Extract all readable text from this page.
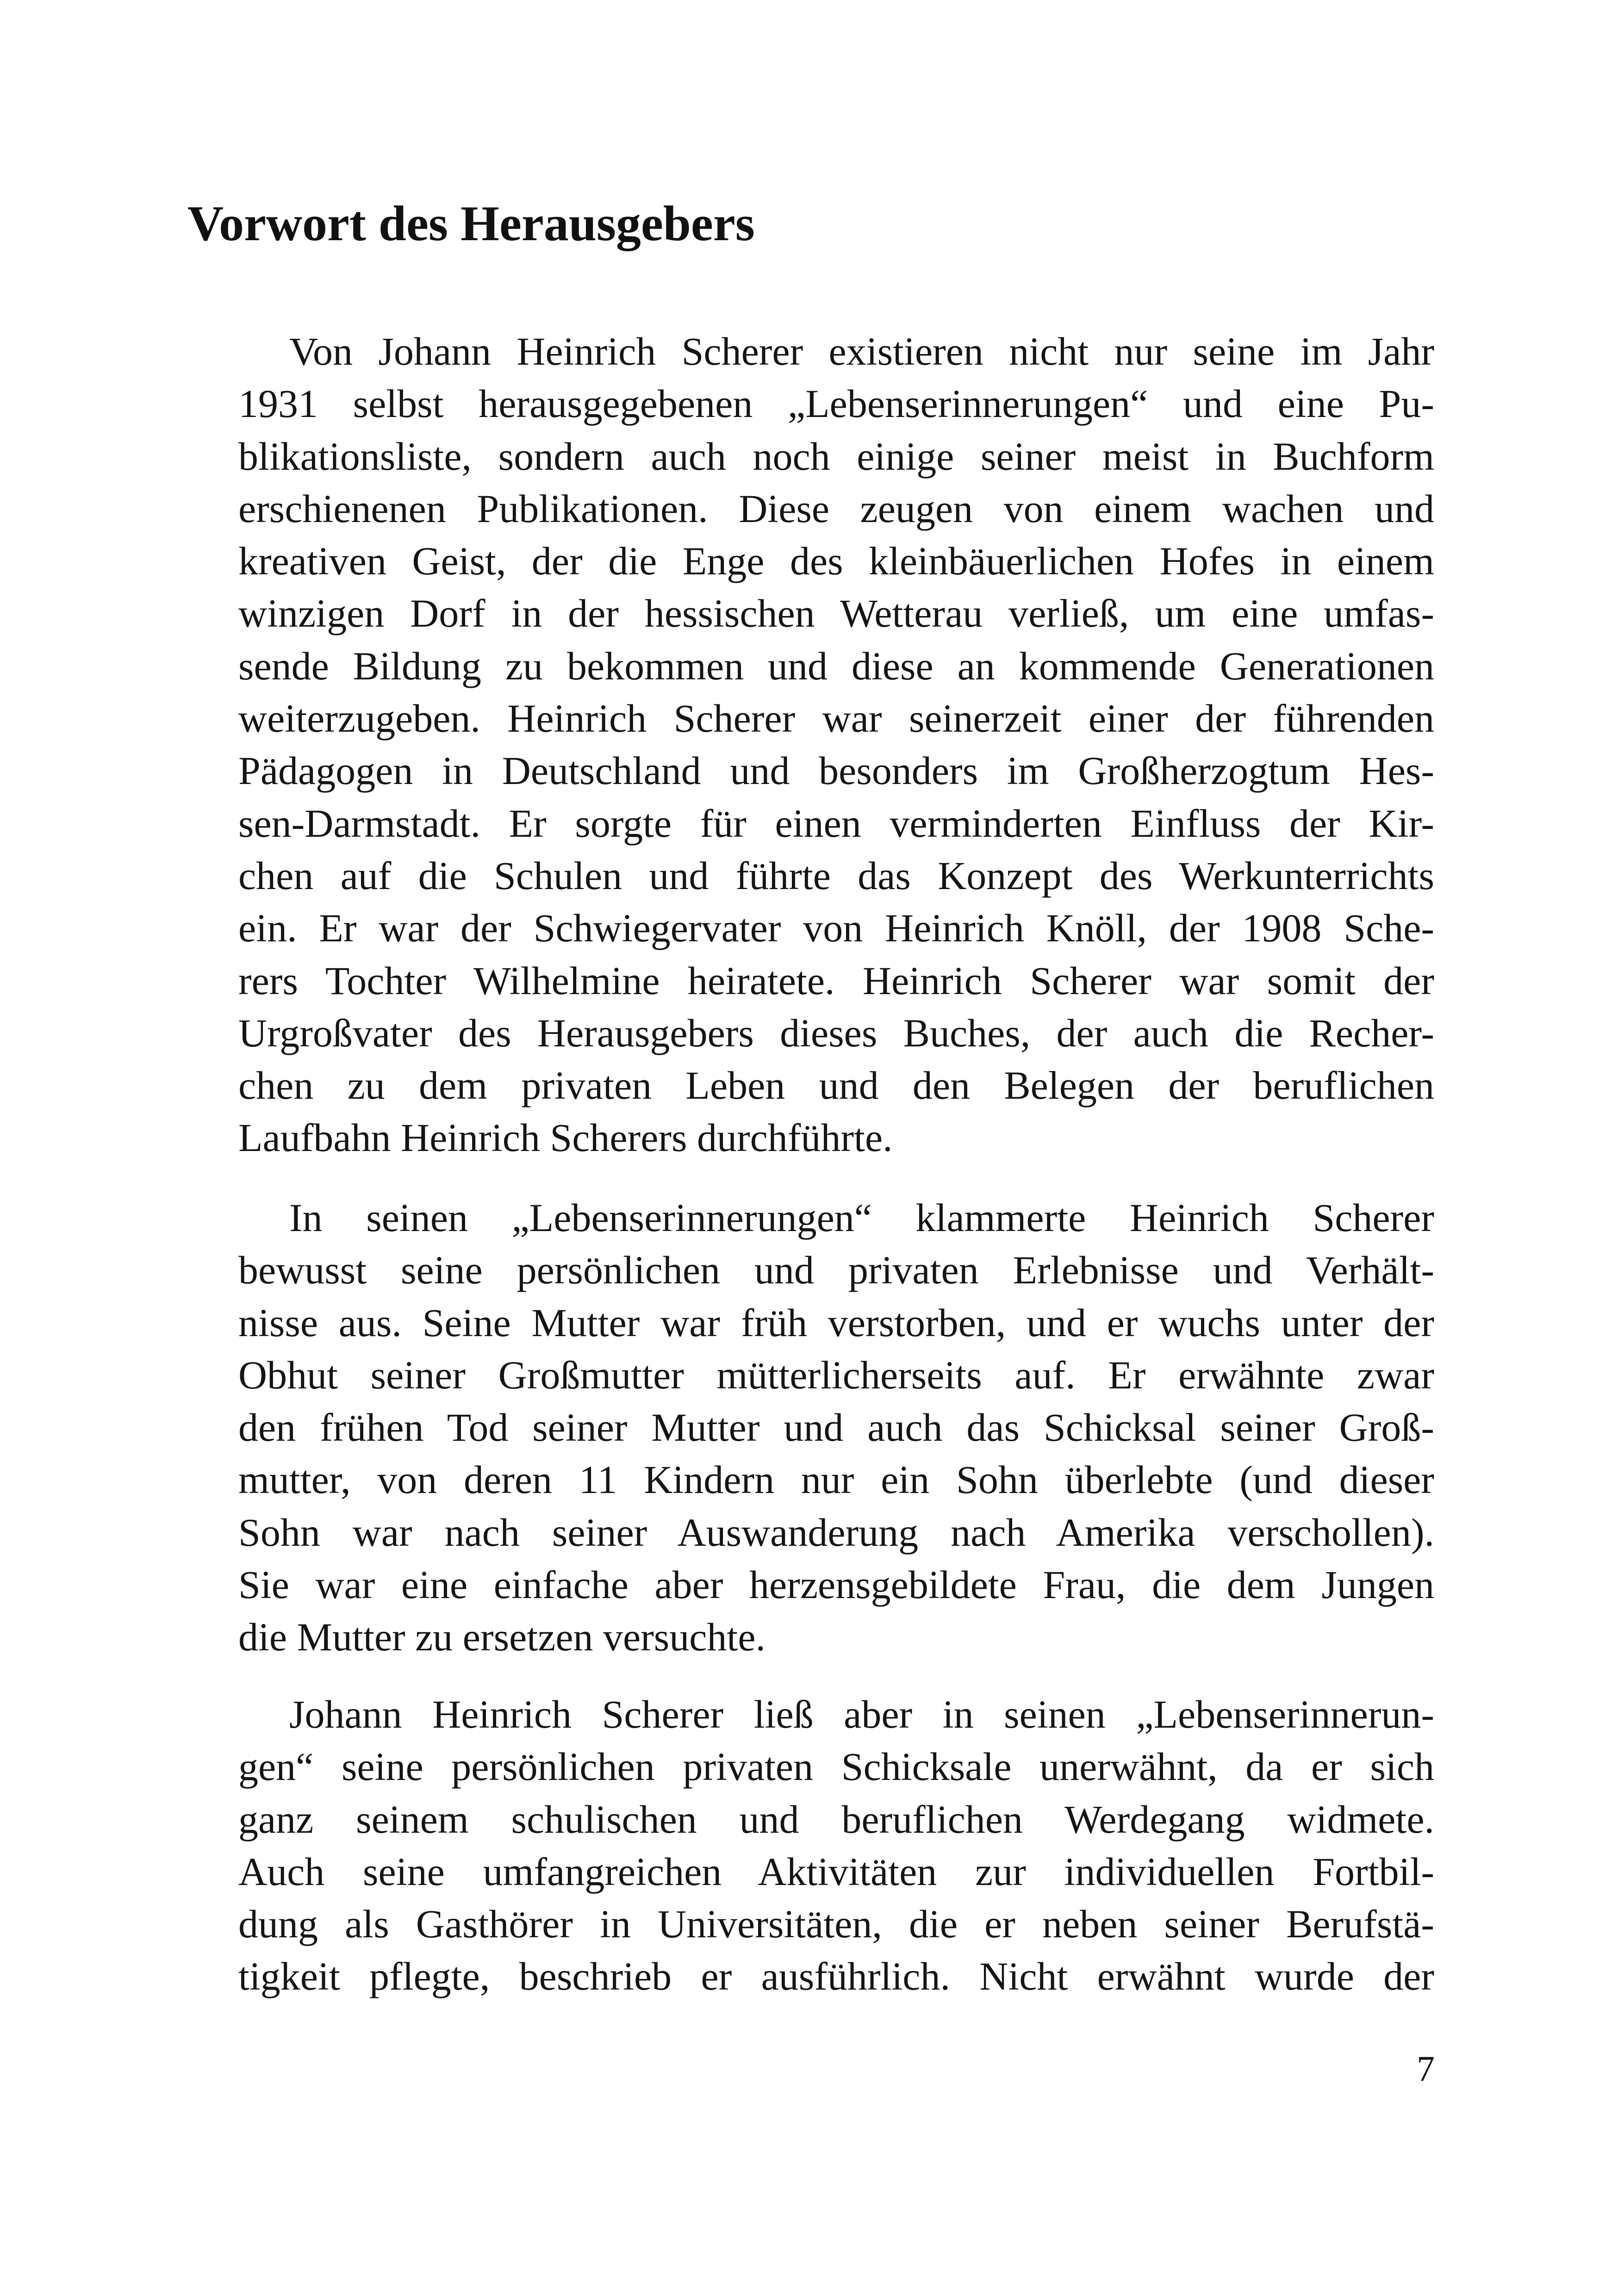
Vorwort des Herausgebers
Von Johann Heinrich Scherer existieren nicht nur seine im Jahr
1931 selbst herausgegebenen „Lebenserinnerungen“ und eine Pu-
blikationsliste, sondern auch noch einige seiner meist in Buchform
erschienenen Publikationen. Diese zeugen von einem wachen und
kreativen Geist, der die Enge des kleinbäuerlichen Hofes in einem
winzigen Dorf in der hessischen Wetterau verließ, um eine umfas-
sende Bildung zu bekommen und diese an kommende Generationen
weiterzugeben. Heinrich Scherer war seinerzeit einer der führenden
Pädagogen in Deutschland und besonders im Großherzogtum Hes-
sen-Darmstadt. Er sorgte für einen verminderten Einfluss der Kir-
chen auf die Schulen und führte das Konzept des Werkunterrichts
ein. Er war der Schwiegervater von Heinrich Knöll, der 1908 Sche-
rers Tochter Wilhelmine heiratete. Heinrich Scherer war somit der
Urgroßvater des Herausgebers dieses Buches, der auch die Recher-
chen zu dem privaten Leben und den Belegen der beruflichen
Laufbahn Heinrich Scherers durchführte.
In seinen „Lebenserinnerungen“ klammerte Heinrich Scherer
bewusst seine persönlichen und privaten Erlebnisse und Verhält-
nisse aus. Seine Mutter war früh verstorben, und er wuchs unter der
Obhut seiner Großmutter mütterlicherseits auf. Er erwähnte zwar
den frühen Tod seiner Mutter und auch das Schicksal seiner Groß-
mutter, von deren 11 Kindern nur ein Sohn überlebte (und dieser
Sohn war nach seiner Auswanderung nach Amerika verschollen).
Sie war eine einfache aber herzensgebildete Frau, die dem Jungen
die Mutter zu ersetzen versuchte.
Johann Heinrich Scherer ließ aber in seinen „Lebenserinnerun-
gen“ seine persönlichen privaten Schicksale unerwähnt, da er sich
ganz seinem schulischen und beruflichen Werdegang widmete.
Auch seine umfangreichen Aktivitäten zur individuellen Fortbil-
dung als Gasthörer in Universitäten, die er neben seiner Berufstä-
tigkeit pflegte, beschrieb er ausführlich. Nicht erwähnt wurde der
7
